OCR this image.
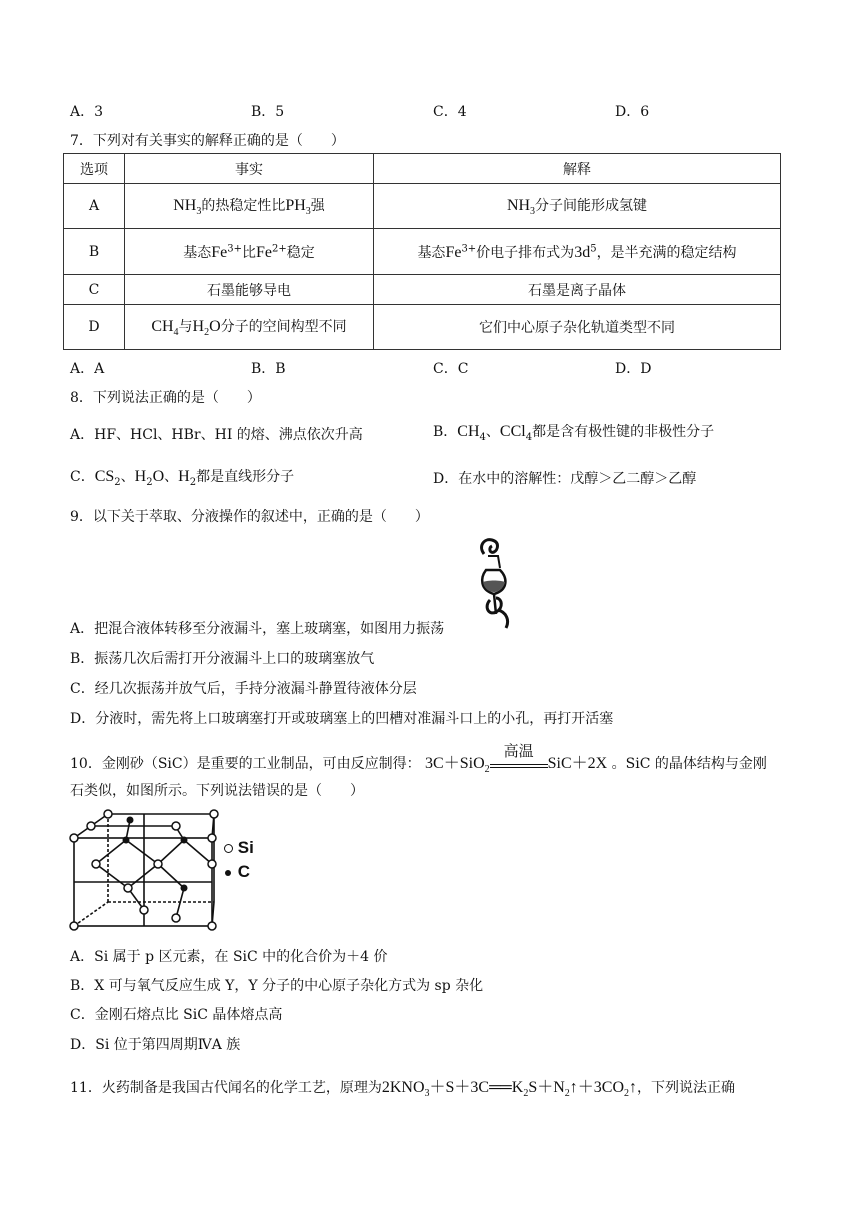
A．3	B．5	C．4	D．6
7．下列对有关事实的解释正确的是（　　）
选项	事实	解释
A	$NH_3$的热稳定性比$PH_3$强	$NH_3$分子间能形成氢键
B	基态$Fe^{3+}$比$Fe^{2+}$稳定	基态$Fe^{3+}$价电子排布式为$3d^5$，是半充满的稳定结构
C	石墨能够导电	石墨是离子晶体
D	$CH_4$与$H_2O$分子的空间构型不同	它们中心原子杂化轨道类型不同
A．A	B．B	C．C	D．D
8．下列说法正确的是（　　）
A．HF、HCl、HBr、HI 的熔、沸点依次升高	B．$CH_4$、CCl$_4$都是含有极性键的非极性分子
C．$CS_2$、$H_2O$、$H_2$都是直线形分子	D．在水中的溶解性：戊醇＞乙二醇＞乙醇
9．以下关于萃取、分液操作的叙述中，正确的是（　　）
A．把混合液体转移至分液漏斗，塞上玻璃塞，如图用力振荡
B．振荡几次后需打开分液漏斗上口的玻璃塞放气
C．经几次振荡并放气后，手持分液漏斗静置待液体分层
D．分液时，需先将上口玻璃塞打开或玻璃塞上的凹槽对准漏斗口上的小孔，再打开活塞
10．金刚砂（SiC）是重要的工业制品，可由反应制得： 3C＋SiO$_2$
高温
SiC＋2X 。SiC 的晶体结构与金刚
石类似，如图所示。下列说法错误的是（　　）
Si
C
A．Si 属于 p 区元素，在 SiC 中的化合价为＋4 价
B．X 可与氧气反应生成 Y，Y 分子的中心原子杂化方式为 sp 杂化
C．金刚石熔点比 SiC 晶体熔点高
D．Si 位于第四周期ⅣA 族
11．火药制备是我国古代闻名的化学工艺，原理为$2KNO_3+S+3C══K_2S+N_2↑+3CO_2↑$，下列说法正确
